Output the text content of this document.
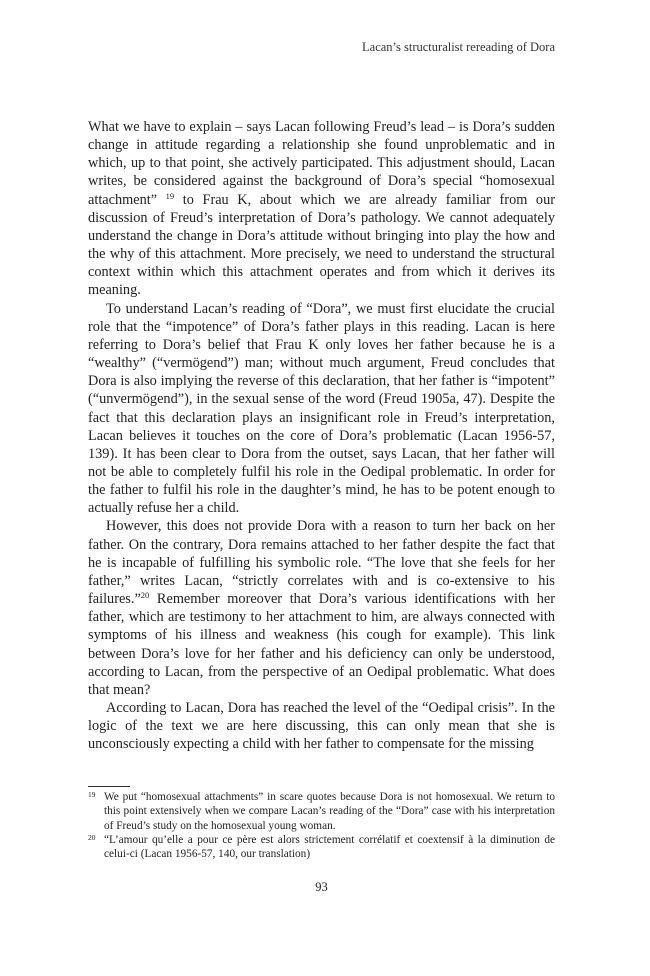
Lacan’s structuralist rereading of Dora

What we have to explain – says Lacan following Freud’s lead – is Dora’s sudden change in attitude regarding a relationship she found unproblematic and in which, up to that point, she actively participated. This adjustment should, Lacan writes, be considered against the background of Dora’s special “homosexual attachment” $^{19}$ to Frau K, about which we are already familiar from our discussion of Freud’s interpretation of Dora’s pathology. We cannot adequately understand the change in Dora’s attitude without bringing into play the how and the why of this attachment. More precisely, we need to understand the structural context within which this attachment operates and from which it derives its meaning.

To understand Lacan’s reading of “Dora”, we must first elucidate the crucial role that the “impotence” of Dora’s father plays in this reading. Lacan is here referring to Dora’s belief that Frau K only loves her father because he is a “wealthy” (“vermögend”) man; without much argument, Freud concludes that Dora is also implying the reverse of this declaration, that her father is “impotent” (“unvermögend”), in the sexual sense of the word (Freud 1905a, 47). Despite the fact that this declaration plays an insignificant role in Freud’s interpretation, Lacan believes it touches on the core of Dora’s problematic (Lacan 1956-57, 139). It has been clear to Dora from the outset, says Lacan, that her father will not be able to completely fulfil his role in the Oedipal problematic. In order for the father to fulfil his role in the daughter’s mind, he has to be potent enough to actually refuse her a child.

However, this does not provide Dora with a reason to turn her back on her father. On the contrary, Dora remains attached to her father despite the fact that he is incapable of fulfilling his symbolic role. “The love that she feels for her father,” writes Lacan, “strictly correlates with and is co-extensive to his failures.”$^{20}$ Remember moreover that Dora’s various identifications with her father, which are testimony to her attachment to him, are always connected with symptoms of his illness and weakness (his cough for example). This link between Dora’s love for her father and his deficiency can only be understood, according to Lacan, from the perspective of an Oedipal problematic. What does that mean?

According to Lacan, Dora has reached the level of the “Oedipal crisis”. In the logic of the text we are here discussing, this can only mean that she is unconsciously expecting a child with her father to compensate for the missing

19 We put “homosexual attachments” in scare quotes because Dora is not homosexual. We return to this point extensively when we compare Lacan’s reading of the “Dora” case with his interpretation of Freud’s study on the homosexual young woman.

20 “L’amour qu’elle a pour ce père est alors strictement corrélatif et coextensif à la diminution de celui-ci (Lacan 1956-57, 140, our translation)

93
